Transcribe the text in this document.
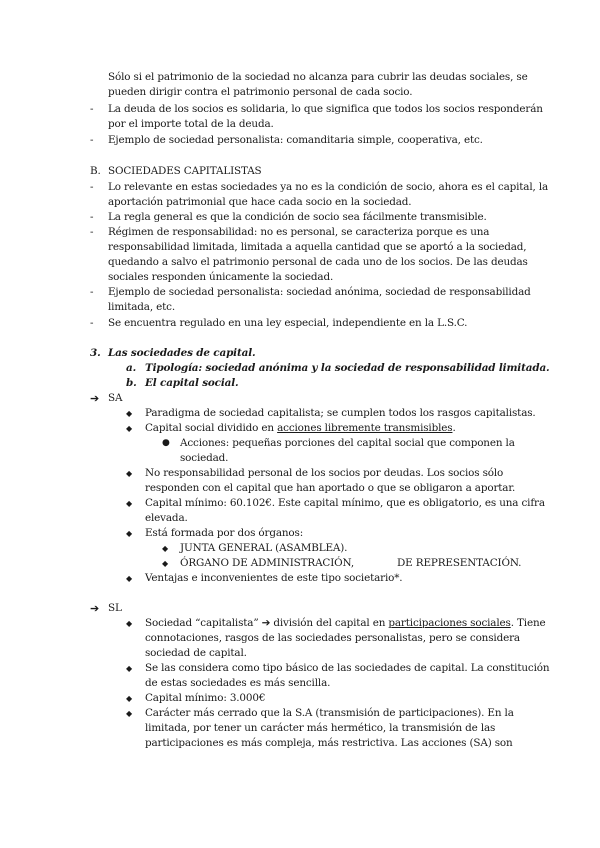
Sólo si el patrimonio de la sociedad no alcanza para cubrir las deudas sociales, se
pueden dirigir contra el patrimonio personal de cada socio.
- La deuda de los socios es solidaria, lo que significa que todos los socios responderán
por el importe total de la deuda.
- Ejemplo de sociedad personalista: comanditaria simple, cooperativa, etc.
B. SOCIEDADES CAPITALISTAS
- Lo relevante en estas sociedades ya no es la condición de socio, ahora es el capital, la
aportación patrimonial que hace cada socio en la sociedad.
- La regla general es que la condición de socio sea fácilmente transmisible.
- Régimen de responsabilidad: no es personal, se caracteriza porque es una
responsabilidad limitada, limitada a aquella cantidad que se aportó a la sociedad,
quedando a salvo el patrimonio personal de cada uno de los socios. De las deudas
sociales responden únicamente la sociedad.
- Ejemplo de sociedad personalista: sociedad anónima, sociedad de responsabilidad
limitada, etc.
- Se encuentra regulado en una ley especial, independiente en la L.S.C.
3. Las sociedades de capital.
a. Tipología: sociedad anónima y la sociedad de responsabilidad limitada.
b. El capital social.
➔ SA
◆ Paradigma de sociedad capitalista; se cumplen todos los rasgos capitalistas.
◆ Capital social dividido en acciones libremente transmisibles.
● Acciones: pequeñas porciones del capital social que componen la
sociedad.
◆ No responsabilidad personal de los socios por deudas. Los socios sólo
responden con el capital que han aportado o que se obligaron a aportar.
◆ Capital mínimo: 60.102€. Este capital mínimo, que es obligatorio, es una cifra
elevada.
◆ Está formada por dos órganos:
◆ JUNTA GENERAL (ASAMBLEA).
◆ ÓRGANO DE ADMINISTRACIÓN,	DE REPRESENTACIÓN.
◆ Ventajas e inconvenientes de este tipo societario*.
➔ SL
◆ Sociedad “capitalista” ➔ división del capital en participaciones sociales. Tiene
connotaciones, rasgos de las sociedades personalistas, pero se considera
sociedad de capital.
◆ Se las considera como tipo básico de las sociedades de capital. La constitución
de estas sociedades es más sencilla.
◆ Capital mínimo: 3.000€
◆ Carácter más cerrado que la S.A (transmisión de participaciones). En la
limitada, por tener un carácter más hermético, la transmisión de las
participaciones es más compleja, más restrictiva. Las acciones (SA) son
